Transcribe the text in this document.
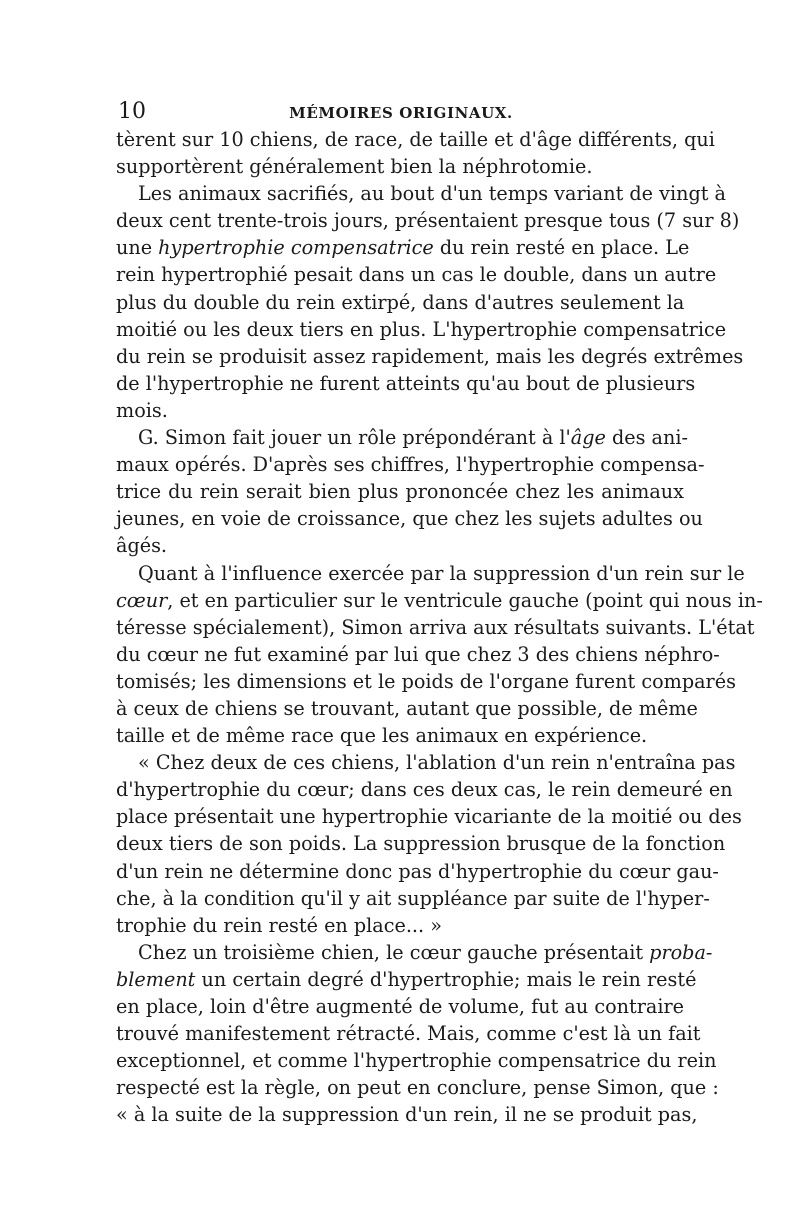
10	MÉMOIRES ORIGINAUX.

tèrent sur 10 chiens, de race, de taille et d'âge différents, qui
supportèrent généralement bien la néphrotomie.

Les animaux sacrifiés, au bout d'un temps variant de vingt à
deux cent trente-trois jours, présentaient presque tous (7 sur 8)
une hypertrophie compensatrice du rein resté en place. Le
rein hypertrophié pesait dans un cas le double, dans un autre
plus du double du rein extirpé, dans d'autres seulement la
moitié ou les deux tiers en plus. L'hypertrophie compensatrice
du rein se produisit assez rapidement, mais les degrés extrêmes
de l'hypertrophie ne furent atteints qu'au bout de plusieurs
mois.

G. Simon fait jouer un rôle prépondérant à l'âge des ani-
maux opérés. D'après ses chiffres, l'hypertrophie compensa-
trice du rein serait bien plus prononcée chez les animaux
jeunes, en voie de croissance, que chez les sujets adultes ou
âgés.

Quant à l'influence exercée par la suppression d'un rein sur le
cœur, et en particulier sur le ventricule gauche (point qui nous in-
téresse spécialement), Simon arriva aux résultats suivants. L'état
du cœur ne fut examiné par lui que chez 3 des chiens néphro-
tomisés; les dimensions et le poids de l'organe furent comparés
à ceux de chiens se trouvant, autant que possible, de même
taille et de même race que les animaux en expérience.

« Chez deux de ces chiens, l'ablation d'un rein n'entraîna pas
d'hypertrophie du cœur; dans ces deux cas, le rein demeuré en
place présentait une hypertrophie vicariante de la moitié ou des
deux tiers de son poids. La suppression brusque de la fonction
d'un rein ne détermine donc pas d'hypertrophie du cœur gau-
che, à la condition qu'il y ait suppléance par suite de l'hyper-
trophie du rein resté en place... »

Chez un troisième chien, le cœur gauche présentait proba-
blement un certain degré d'hypertrophie; mais le rein resté
en place, loin d'être augmenté de volume, fut au contraire
trouvé manifestement rétracté. Mais, comme c'est là un fait
exceptionnel, et comme l'hypertrophie compensatrice du rein
respecté est la règle, on peut en conclure, pense Simon, que :
« à la suite de la suppression d'un rein, il ne se produit pas,
